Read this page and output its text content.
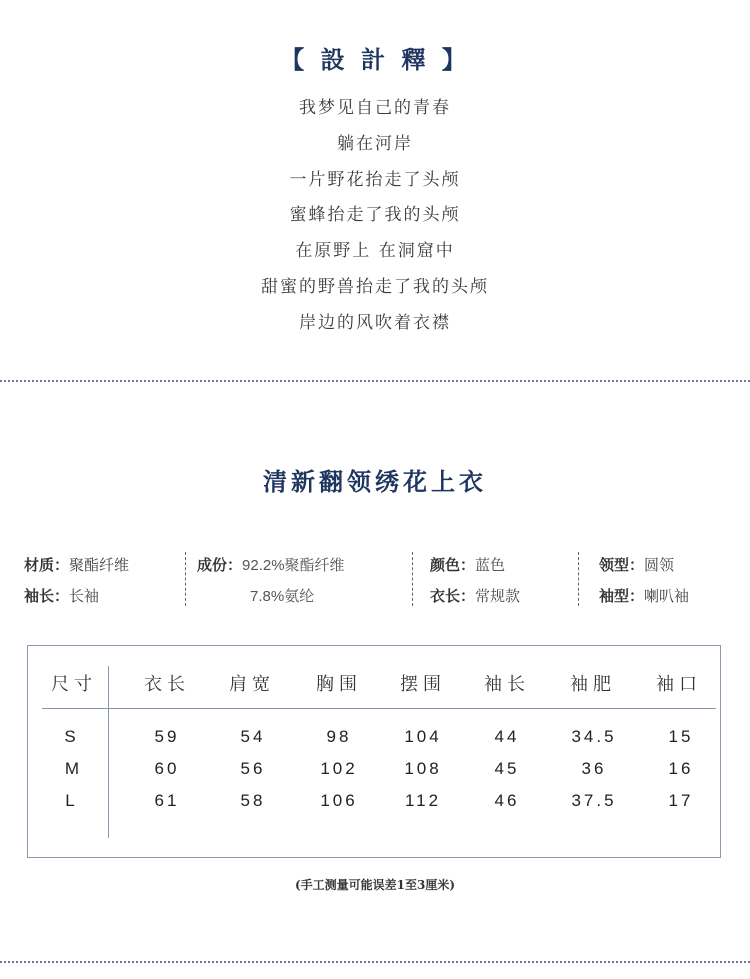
【 設 計 釋 】
我梦见自己的青春
躺在河岸
一片野花抬走了头颅
蜜蜂抬走了我的头颅
在原野上 在洞窟中
甜蜜的野兽抬走了我的头颅
岸边的风吹着衣襟
清新翻领绣花上衣
材质：聚酯纤维
袖长：长袖
成份：92.2%聚酯纤维
7.8%氨纶
颜色：蓝色
衣长：常规款
领型：圆领
袖型：喇叭袖
尺寸	衣长 肩宽 胸围 摆围 袖长 袖肥 袖口
S	59	54	98	104	44	34.5	15
M	60	56	102	108	45	36	16
L	61	58	106	112	46	37.5	17
(手工测量可能误差1至3厘米)
